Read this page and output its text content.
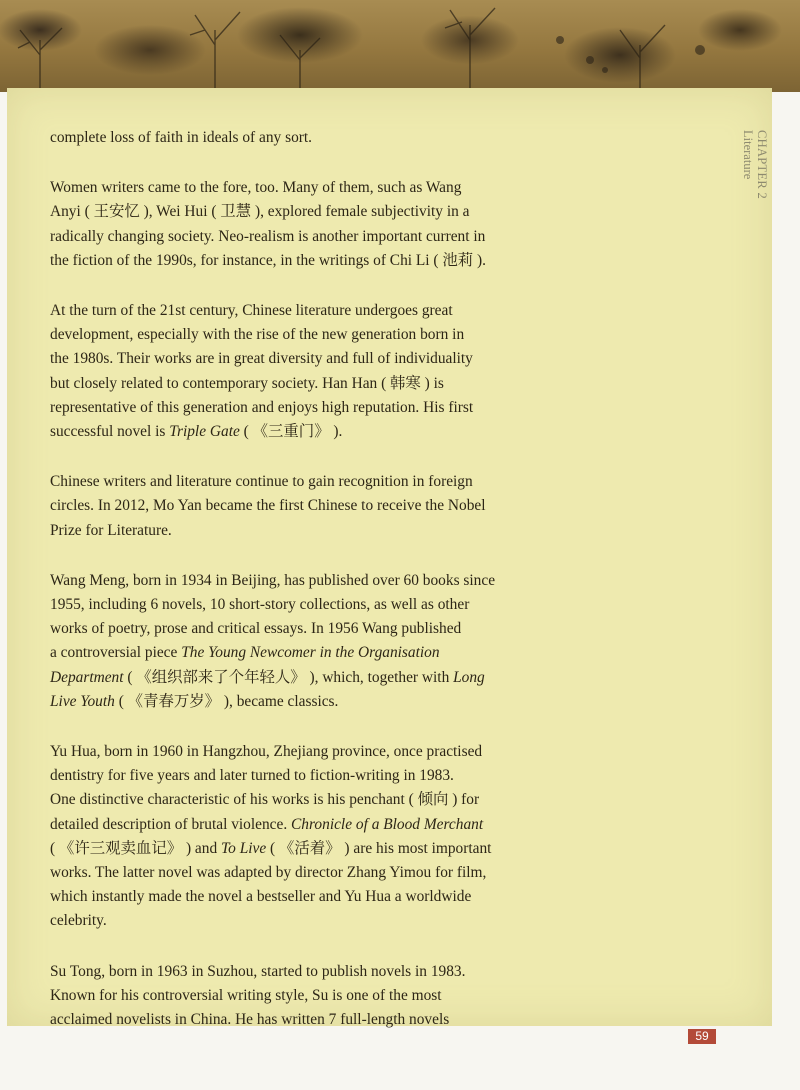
CHAPTER 2
Literature

complete loss of faith in ideals of any sort.

Women writers came to the fore, too. Many of them, such as Wang
Anyi ( 王安忆 ), Wei Hui ( 卫慧 ), explored female subjectivity in a
radically changing society. Neo-realism is another important current in
the fiction of the 1990s, for instance, in the writings of Chi Li ( 池莉 ).

At the turn of the 21st century, Chinese literature undergoes great
development, especially with the rise of the new generation born in
the 1980s. Their works are in great diversity and full of individuality
but closely related to contemporary society. Han Han ( 韩寒 ) is
representative of this generation and enjoys high reputation. His first
successful novel is Triple Gate ( 《三重门》 ).

Chinese writers and literature continue to gain recognition in foreign
circles. In 2012, Mo Yan became the first Chinese to receive the Nobel
Prize for Literature.

Wang Meng, born in 1934 in Beijing, has published over 60 books since
1955, including 6 novels, 10 short-story collections, as well as other
works of poetry, prose and critical essays. In 1956 Wang published
a controversial piece The Young Newcomer in the Organisation
Department ( 《组织部来了个年轻人》 ), which, together with Long
Live Youth ( 《青春万岁》 ), became classics.

Yu Hua, born in 1960 in Hangzhou, Zhejiang province, once practised
dentistry for five years and later turned to fiction-writing in 1983.
One distinctive characteristic of his works is his penchant ( 倾向 ) for
detailed description of brutal violence. Chronicle of a Blood Merchant
( 《许三观卖血记》 ) and To Live ( 《活着》 ) are his most important
works. The latter novel was adapted by director Zhang Yimou for film,
which instantly made the novel a bestseller and Yu Hua a worldwide
celebrity.

Su Tong, born in 1963 in Suzhou, started to publish novels in 1983.
Known for his controversial writing style, Su is one of the most
acclaimed novelists in China. He has written 7 full-length novels

59
